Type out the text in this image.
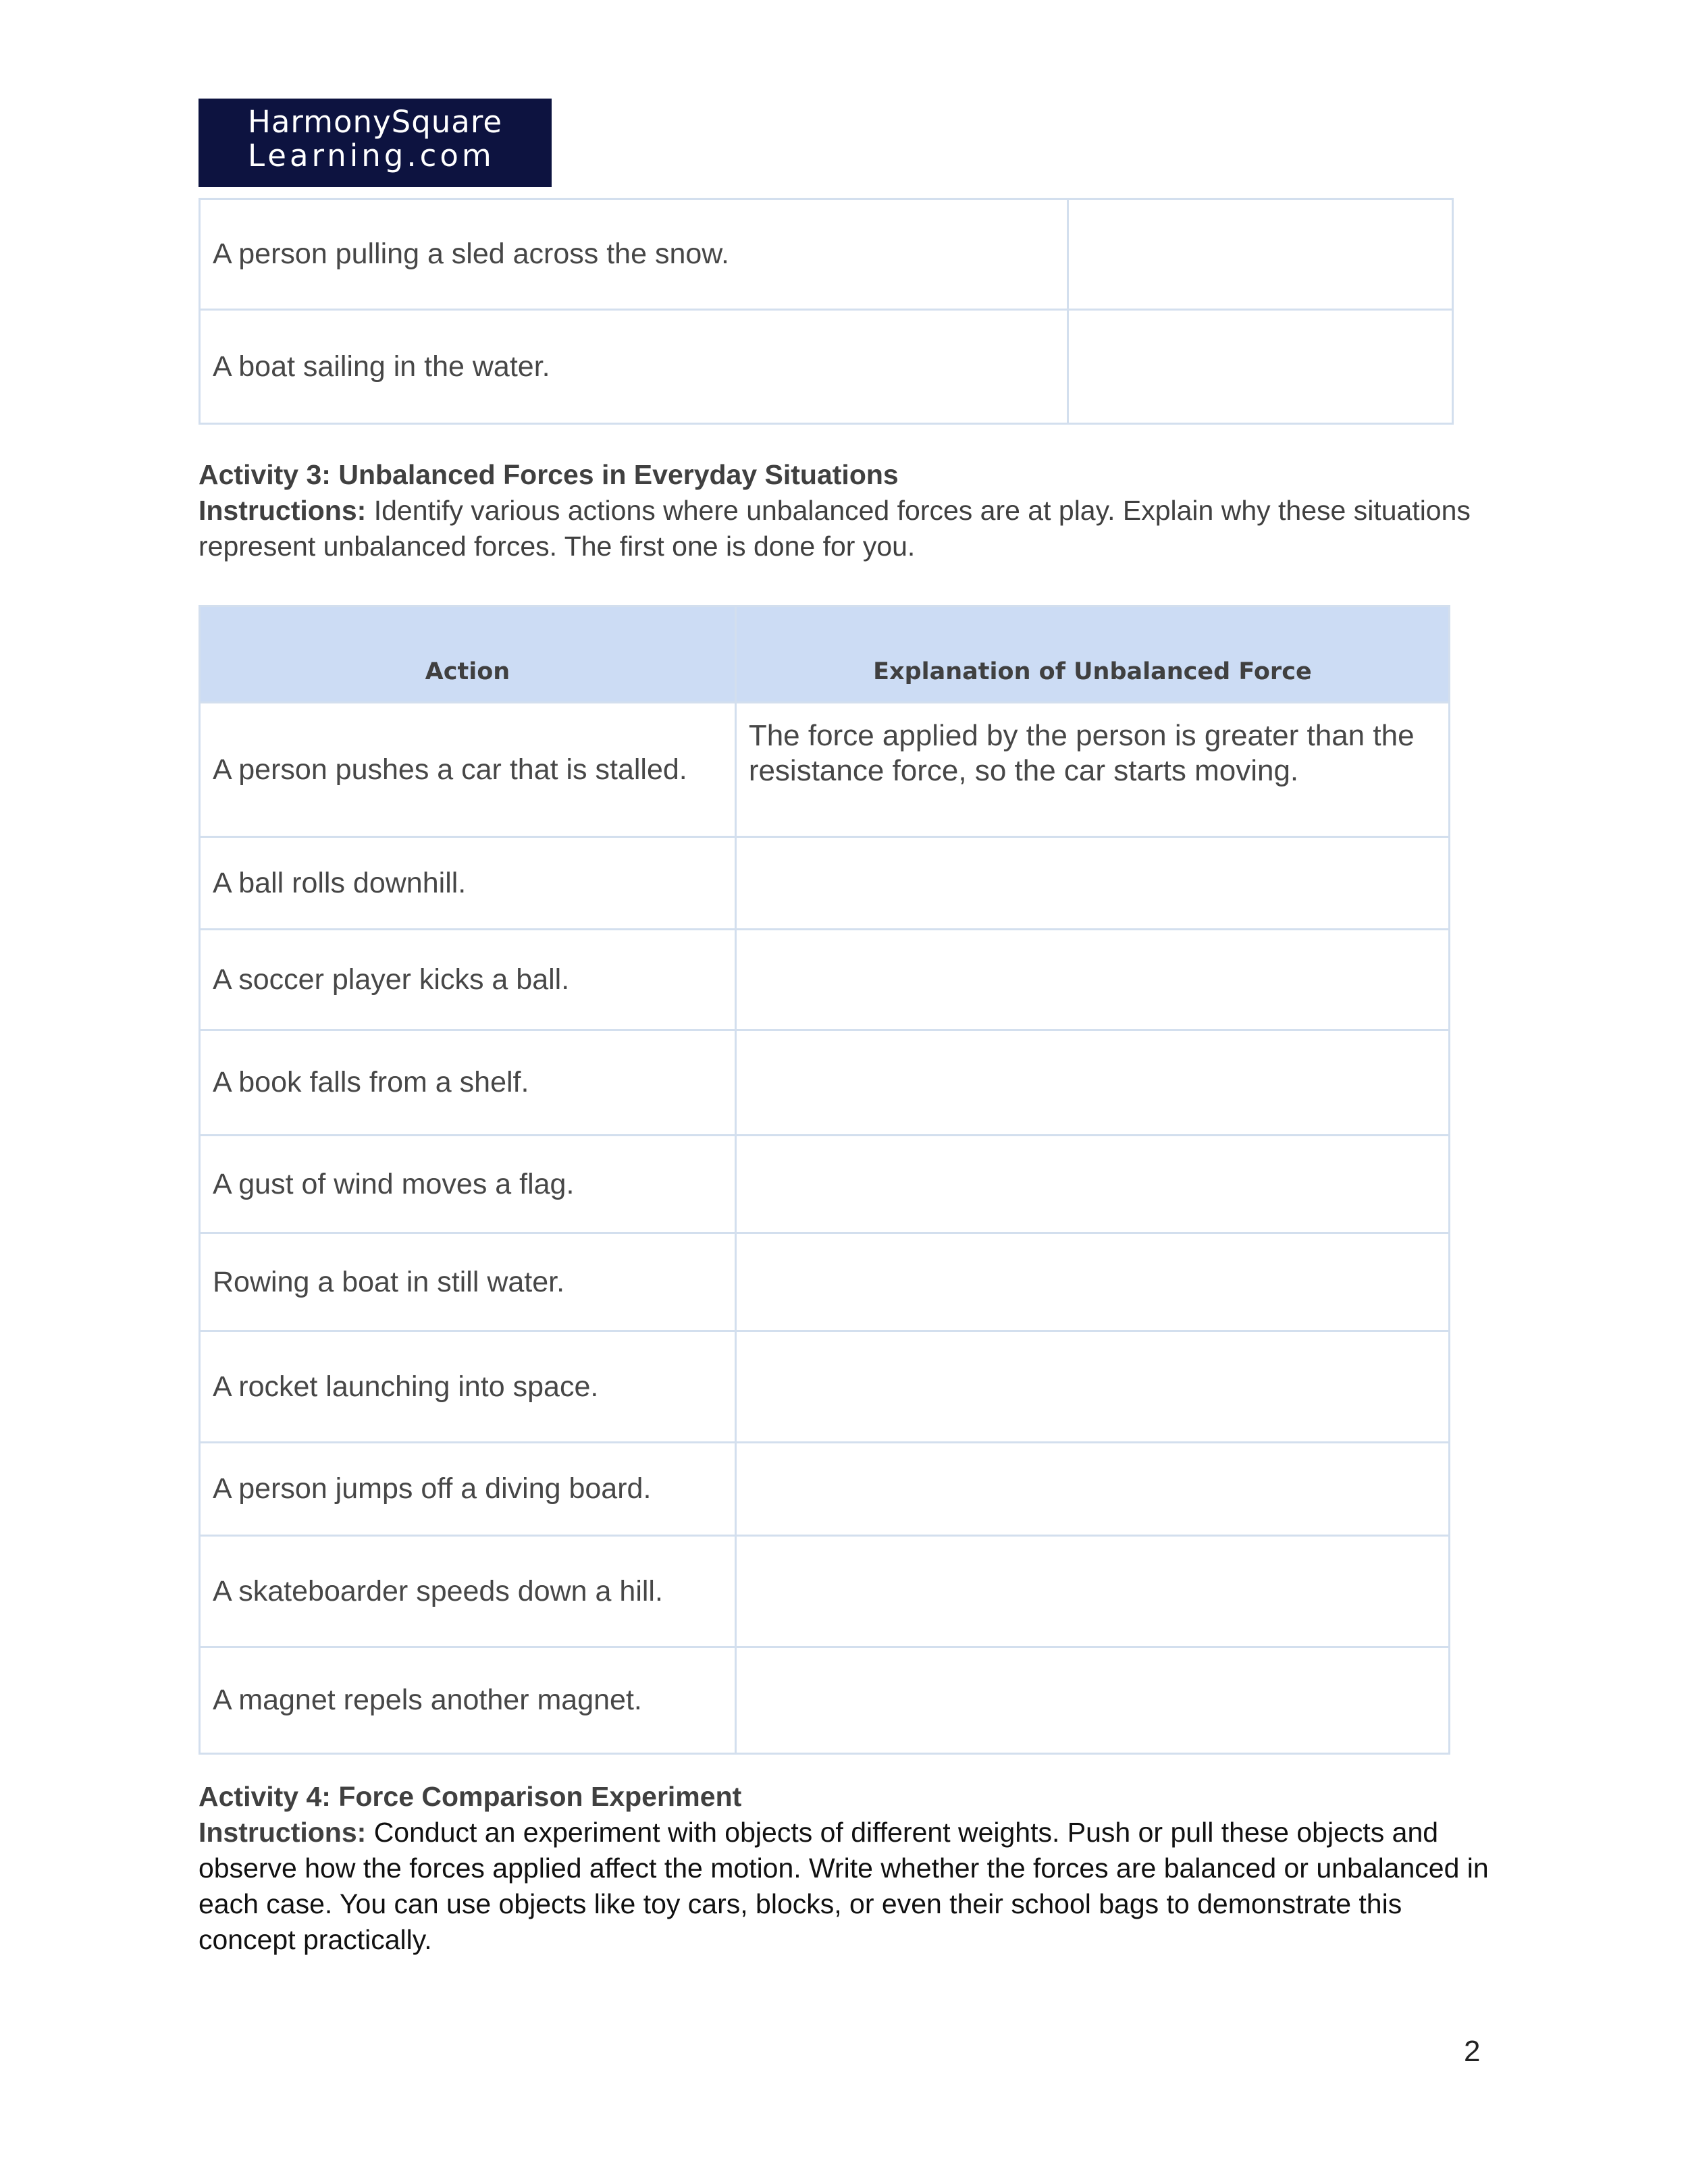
HarmonySquare
Learning.com
A person pulling a sled across the snow.	
A boat sailing in the water.	
Activity 3: Unbalanced Forces in Everyday Situations
Instructions: Identify various actions where unbalanced forces are at play. Explain why these situations represent unbalanced forces. The first one is done for you.
Action	Explanation of Unbalanced Force
A person pushes a car that is stalled.	The force applied by the person is greater than the resistance force, so the car starts moving.
A ball rolls downhill.	
A soccer player kicks a ball.	
A book falls from a shelf.	
A gust of wind moves a flag.	
Rowing a boat in still water.	
A rocket launching into space.	
A person jumps off a diving board.	
A skateboarder speeds down a hill.	
A magnet repels another magnet.	
Activity 4: Force Comparison Experiment
Instructions: Conduct an experiment with objects of different weights. Push or pull these objects and observe how the forces applied affect the motion. Write whether the forces are balanced or unbalanced in each case. You can use objects like toy cars, blocks, or even their school bags to demonstrate this concept practically.
2
